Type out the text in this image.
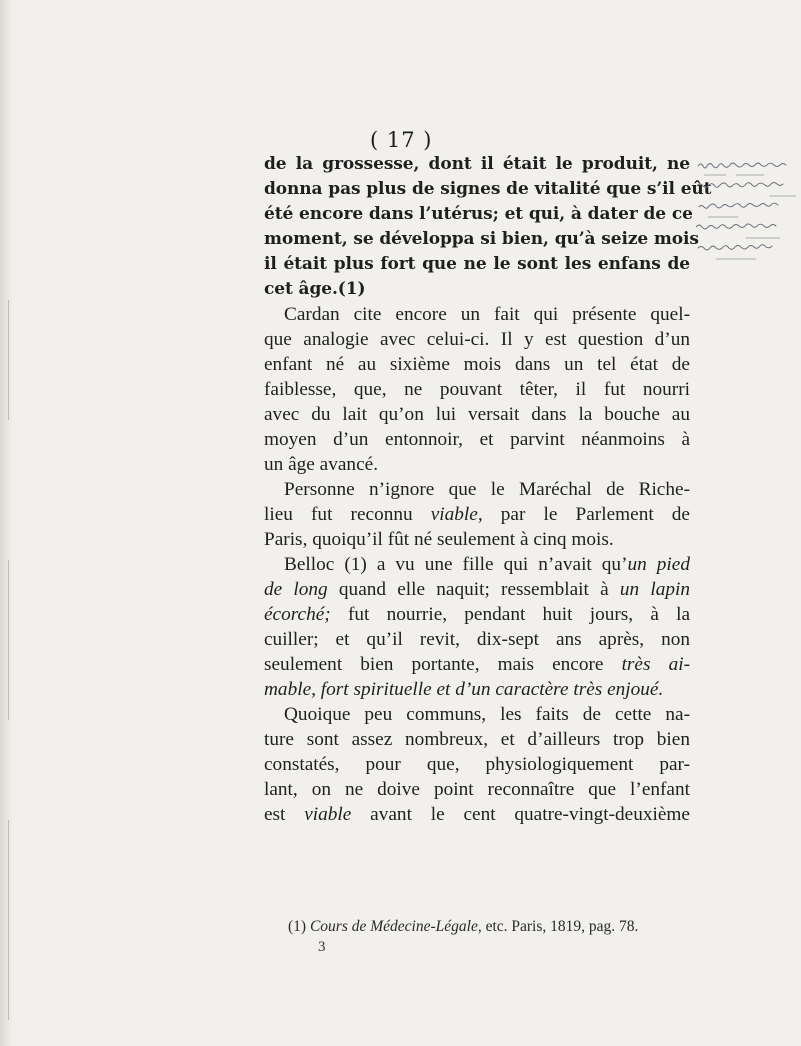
( 17 )
de la grossesse, dont il était le produit, ne
donna pas plus de signes de vitalité que s’il eût
été encore dans l’utérus; et qui, à dater de ce
moment, se développa si bien, qu’à seize mois
il était plus fort que ne le sont les enfans de
cet âge.(1)
Cardan cite encore un fait qui présente quel-
que analogie avec celui-ci. Il y est question d’un
enfant né au sixième mois dans un tel état de
faiblesse, que, ne pouvant têter, il fut nourri
avec du lait qu’on lui versait dans la bouche au
moyen d’un entonnoir, et parvint néanmoins à
un âge avancé.
Personne n’ignore que le Maréchal de Riche-
lieu fut reconnu viable, par le Parlement de
Paris, quoiqu’il fût né seulement à cinq mois.
Belloc (1) a vu une fille qui n’avait qu’un pied
de long quand elle naquit; ressemblait à un lapin
écorché; fut nourrie, pendant huit jours, à la
cuiller; et qu’il revit, dix-sept ans après, non
seulement bien portante, mais encore très ai-
mable, fort spirituelle et d’un caractère très enjoué.
Quoique peu communs, les faits de cette na-
ture sont assez nombreux, et d’ailleurs trop bien
constatés, pour que, physiologiquement par-
lant, on ne doive point reconnaître que l’enfant
est viable avant le cent quatre-vingt-deuxième
(1) Cours de Médecine-Légale, etc. Paris, 1819, pag. 78.
3
